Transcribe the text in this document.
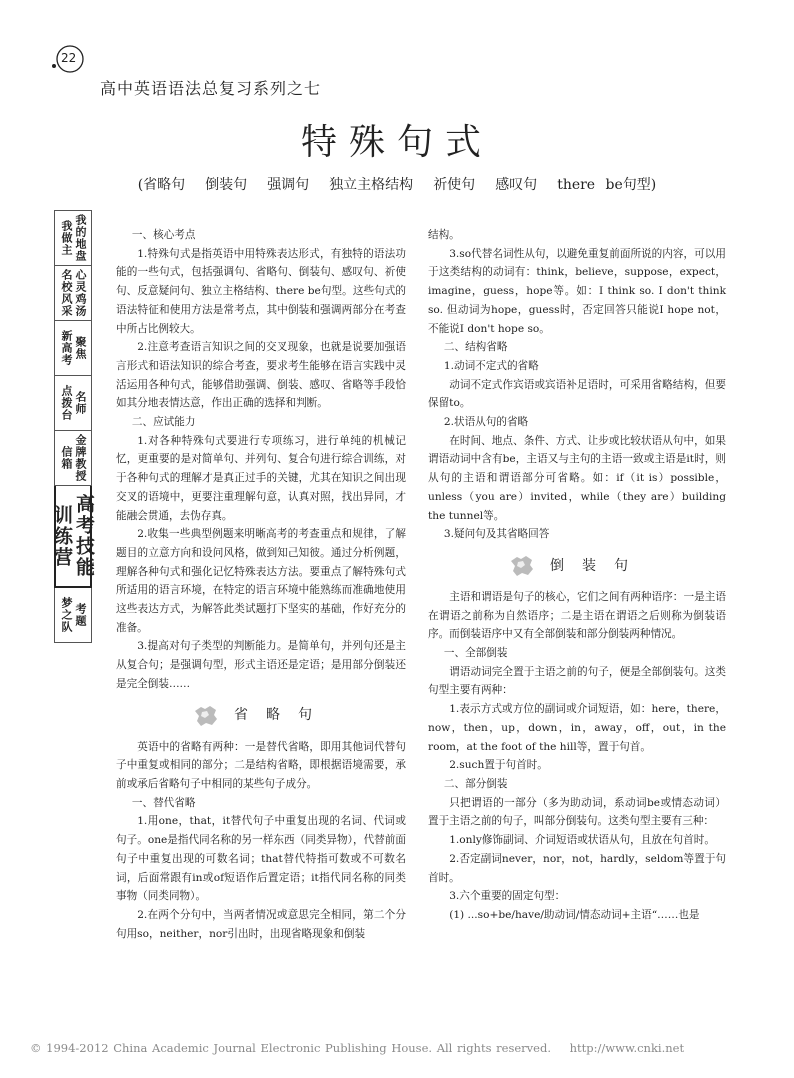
22
高中英语语法总复习系列之七
特殊句式
(省略句 倒装句 强调句 独立主格结构 祈使句 感叹句 there be句型)
我做主 我的地盘
名校风采 心灵鸡汤
新高考 聚焦
点拨台 名师
信箱 金牌教授
训练营 高考技能
梦之队 考题

一、核心考点

1.特殊句式是指英语中用特殊表达形式，有独特的语法功能的一些句式，包括强调句、省略句、倒装句、感叹句、祈使句、反意疑问句、独立主格结构、there be句型。这些句式的语法特征和使用方法是常考点，其中倒装和强调两部分在考查中所占比例较大。

2.注意考查语言知识之间的交叉现象，也就是说要加强语言形式和语法知识的综合考查，要求考生能够在语言实践中灵活运用各种句式，能够借助强调、倒装、感叹、省略等手段恰如其分地表情达意，作出正确的选择和判断。

二、应试能力

1.对各种特殊句式要进行专项练习，进行单纯的机械记忆，更重要的是对简单句、并列句、复合句进行综合训练，对于各种句式的理解才是真正过手的关键，尤其在知识之间出现交叉的语境中，更要注重理解句意，认真对照，找出异同，才能融会贯通，去伪存真。

2.收集一些典型例题来明晰高考的考查重点和规律，了解题目的立意方向和设问风格，做到知己知彼。通过分析例题，理解各种句式和强化记忆特殊表达方法。要重点了解特殊句式所适用的语言环境，在特定的语言环境中能熟练而准确地使用这些表达方式，为解答此类试题打下坚实的基础，作好充分的准备。

3.提高对句子类型的判断能力。是简单句，并列句还是主从复合句；是强调句型，形式主语还是定语；是用部分倒装还是完全倒装……

省略句

英语中的省略有两种：一是替代省略，即用其他词代替句子中重复或相同的部分；二是结构省略，即根据语境需要，承前或承后省略句子中相同的某些句子成分。

一、替代省略

1.用one，that，it替代句子中重复出现的名词、代词或句子。one是指代同名称的另一样东西（同类异物），代替前面句子中重复出现的可数名词；that替代特指可数或不可数名词，后面常跟有in或of短语作后置定语；it指代同名称的同类事物（同类同物）。

2.在两个分句中，当两者情况或意思完全相同，第二个分句用so，neither，nor引出时，出现省略现象和倒装

结构。

3.so代替名词性从句，以避免重复前面所说的内容，可以用于这类结构的动词有：think，believe，suppose，expect，imagine，guess，hope等。如：I think so. I don't think so. 但动词为hope，guess时，否定回答只能说I hope not，不能说I don't hope so。

二、结构省略

1.动词不定式的省略

动词不定式作宾语或宾语补足语时，可采用省略结构，但要保留to。

2.状语从句的省略

在时间、地点、条件、方式、让步或比较状语从句中，如果谓语动词中含有be，主语又与主句的主语一致或主语是it时，则从句的主语和谓语部分可省略。如：if（it is）possible，unless（you are）invited，while（they are）building the tunnel等。

3.疑问句及其省略回答

倒装句

主语和谓语是句子的核心，它们之间有两种语序：一是主语在谓语之前称为自然语序；二是主语在谓语之后则称为倒装语序。而倒装语序中又有全部倒装和部分倒装两种情况。

一、全部倒装

谓语动词完全置于主语之前的句子，便是全部倒装句。这类句型主要有两种：

1.表示方式或方位的副词或介词短语，如：here，there，now，then，up，down，in，away，off，out，in the room，at the foot of the hill等，置于句首。

2.such置于句首时。

二、部分倒装

只把谓语的一部分（多为助动词，系动词be或情态动词）置于主语之前的句子，叫部分倒装句。这类句型主要有三种：

1.only修饰副词、介词短语或状语从句，且放在句首时。

2.否定副词never，nor，not，hardly，seldom等置于句首时。

3.六个重要的固定句型：

(1) ...so+be/have/助动词/情态动词+主语“……也是

© 1994-2012 China Academic Journal Electronic Publishing House. All rights reserved. http://www.cnki.net
